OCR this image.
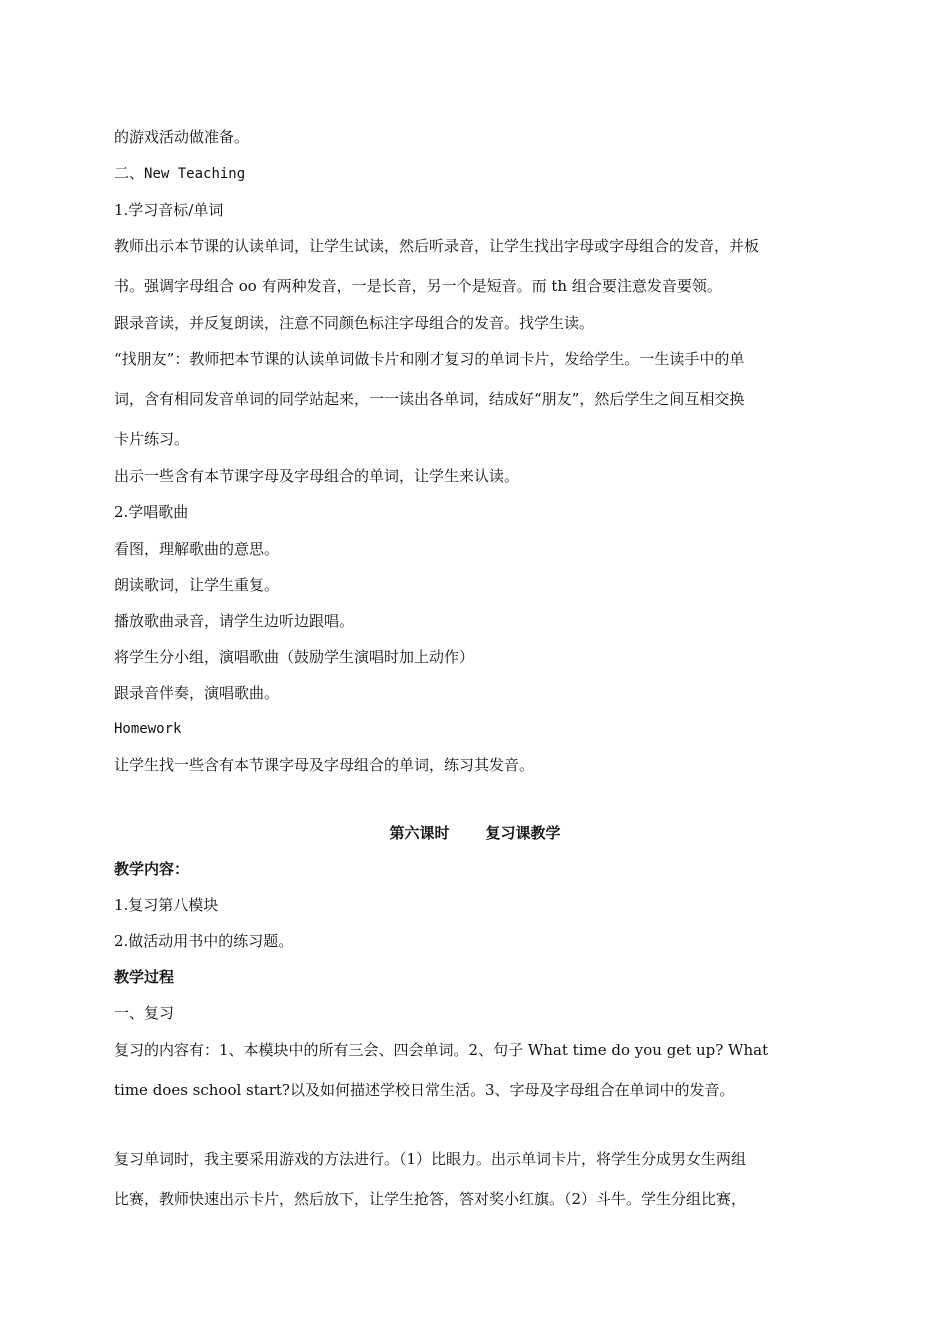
的游戏活动做准备。
二、New Teaching
1.学习音标/单词
教师出示本节课的认读单词，让学生试读，然后听录音，让学生找出字母或字母组合的发音，并板
书。强调字母组合 oo 有两种发音，一是长音，另一个是短音。而 th 组合要注意发音要领。
跟录音读，并反复朗读，注意不同颜色标注字母组合的发音。找学生读。
“找朋友”：教师把本节课的认读单词做卡片和刚才复习的单词卡片，发给学生。一生读手中的单
词，含有相同发音单词的同学站起来，一一读出各单词，结成好“朋友”，然后学生之间互相交换
卡片练习。
出示一些含有本节课字母及字母组合的单词，让学生来认读。
2.学唱歌曲
看图，理解歌曲的意思。
朗读歌词，让学生重复。
播放歌曲录音，请学生边听边跟唱。
将学生分小组，演唱歌曲（鼓励学生演唱时加上动作）
跟录音伴奏，演唱歌曲。
Homework
让学生找一些含有本节课字母及字母组合的单词，练习其发音。
第六课时 复习课教学
教学内容：
1.复习第八模块
2.做活动用书中的练习题。
教学过程
一、复习
复习的内容有：1、本模块中的所有三会、四会单词。2、句子 What time do you get up? What
time does school start?以及如何描述学校日常生活。3、字母及字母组合在单词中的发音。
复习单词时，我主要采用游戏的方法进行。（1）比眼力。出示单词卡片，将学生分成男女生两组
比赛，教师快速出示卡片，然后放下，让学生抢答，答对奖小红旗。（2）斗牛。学生分组比赛，
